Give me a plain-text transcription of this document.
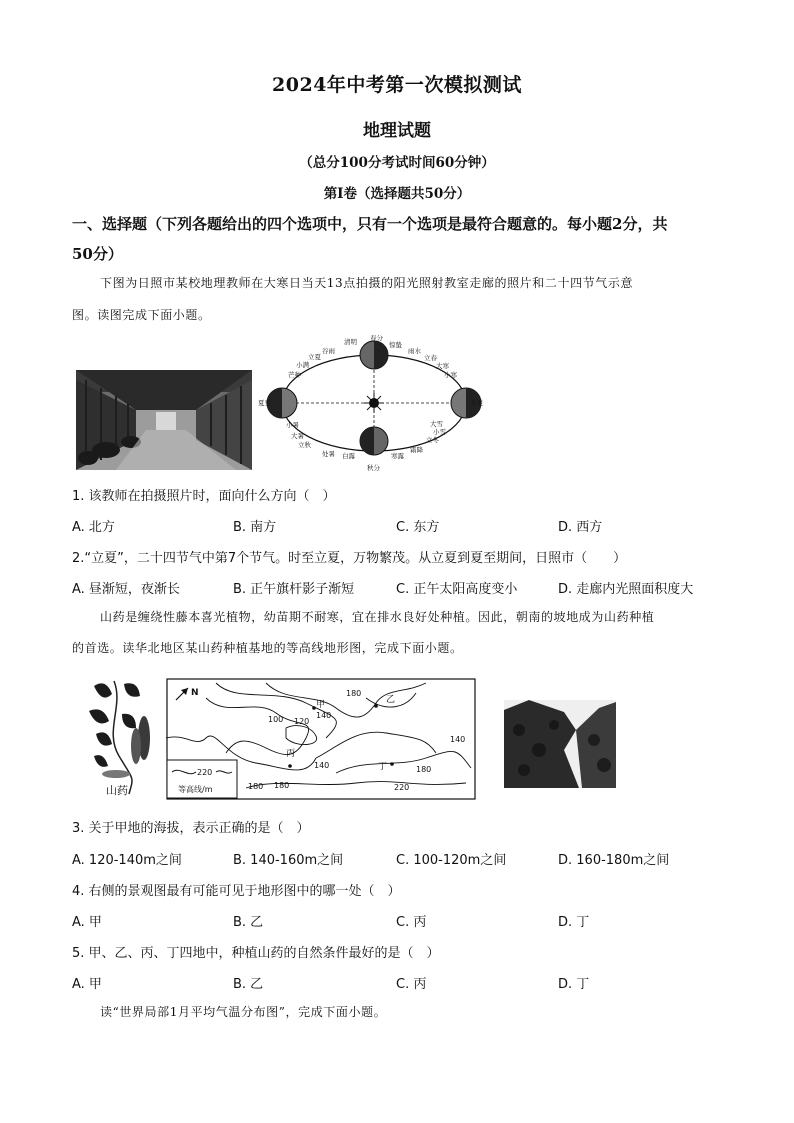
2024年中考第一次模拟测试
地理试题
（总分100分考试时间60分钟）
第Ⅰ卷（选择题共50分）
一、选择题（下列各题给出的四个选项中，只有一个选项是最符合题意的。每小题2分，共
50分）
下图为日照市某校地理教师在大寒日当天13点拍摄的阳光照射教室走廊的照片和二十四节气示意
图。读图完成下面小题。
清明 春分
惊蛰
雨水
谷雨
立夏
小满
芒种
夏至
小暑
大暑
立秋
处暑 白露
秋分
寒露
霜降
立冬
小雪
大雪
冬至
小寒
大寒
立春
1. 该教师在拍摄照片时，面向什么方向（　）
A. 北方	B. 南方	C. 东方	D. 西方
2.“立夏”，二十四节气中第7个节气。时至立夏，万物繁茂。从立夏到夏至期间，日照市（　　）
A. 昼渐短，夜渐长	B. 正午旗杆影子渐短	C. 正午太阳高度变小	D. 走廊内光照面积度大
山药是缠绕性藤本喜光植物，幼苗期不耐寒，宜在排水良好处种植。因此，朝南的坡地成为山药种植
的首选。读华北地区某山药种植基地的等高线地形图，完成下面小题。
山药
N
100 120
140
180
140
140	180
180
180	220
甲	乙
丙
丁
220
等高线/m
3. 关于甲地的海拔，表示正确的是（　）
A. 120-140m之间	B. 140-160m之间	C. 100-120m之间	D. 160-180m之间
4. 右侧的景观图最有可能可见于地形图中的哪一处（　）
A. 甲	B. 乙	C. 丙	D. 丁
5. 甲、乙、丙、丁四地中，种植山药的自然条件最好的是（　）
A. 甲	B. 乙	C. 丙	D. 丁
读“世界局部1月平均气温分布图”，完成下面小题。
